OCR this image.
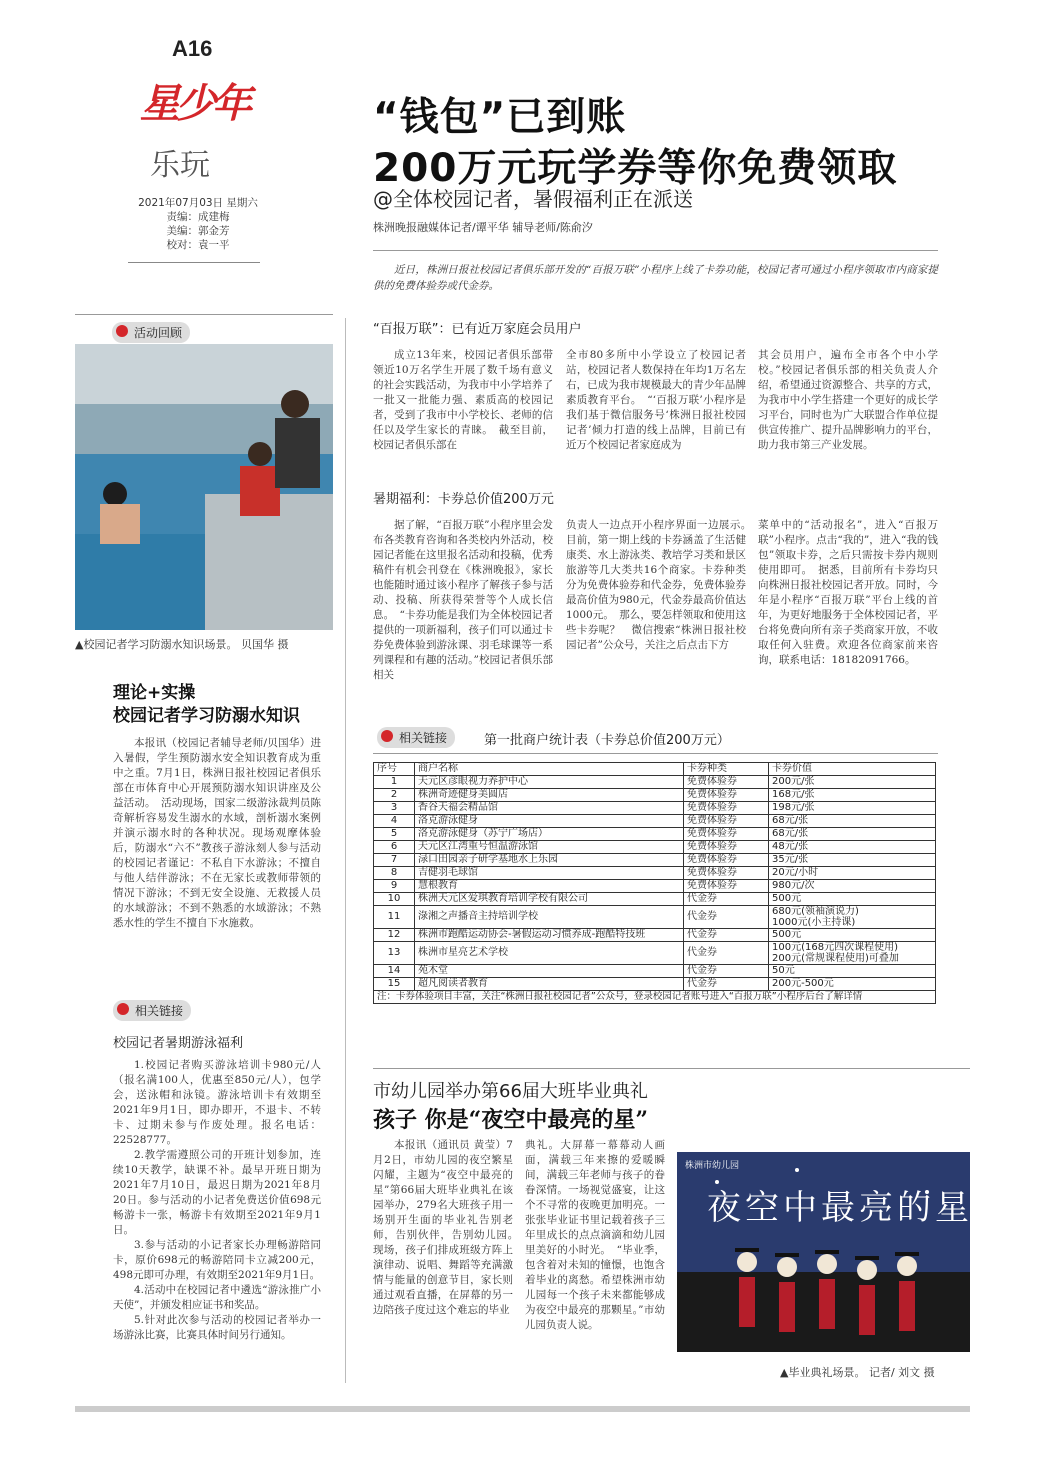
A16
星少年
乐玩
2021年07月03日 星期六
责编：成建梅
美编：郭金芳
校对：袁一平
“钱包”已到账
200万元玩学券等你免费领取
@全体校园记者，暑假福利正在派送
株洲晚报融媒体记者/谭平华 辅导老师/陈俞汐
近日，株洲日报社校园记者俱乐部开发的“百报万联”小程序上线了卡券功能，校园记者可通过小程序领取市内商家提供的免费体验券或代金券。
“百报万联”：已有近万家庭会员用户

成立13年来，校园记者俱乐部带领近10万名学生开展了数千场有意义的社会实践活动，为我市中小学培养了一批又一批能力强、素质高的校园记者，受到了我市中小学校长、老师的信任以及学生家长的青睐。　截至目前，校园记者俱乐部在

全市80多所中小学设立了校园记者站，校园记者人数保持在年均1万名左右，已成为我市规模最大的青少年品牌素质教育平台。　“‘百报万联’小程序是我们基于微信服务号‘株洲日报社校园记者’倾力打造的线上品牌，目前已有近万个校园记者家庭成为

其会员用户，遍布全市各个中小学校。”校园记者俱乐部的相关负责人介绍，希望通过资源整合、共享的方式，为我市中小学生搭建一个更好的成长学习平台，同时也为广大联盟合作单位提供宣传推广、提升品牌影响力的平台，助力我市第三产业发展。

暑期福利：卡券总价值200万元

据了解，“百报万联”小程序里会发布各类教育咨询和各类校内外活动，校园记者能在这里报名活动和投稿，优秀稿件有机会刊登在《株洲晚报》，家长也能随时通过该小程序了解孩子参与活动、投稿、所获得荣誉等个人成长信息。　“卡券功能是我们为全体校园记者提供的一项新福利，孩子们可以通过卡券免费体验到游泳课、羽毛球课等一系列课程和有趣的活动。”校园记者俱乐部相关

负责人一边点开小程序界面一边展示。　目前，第一期上线的卡券涵盖了生活健康类、水上游泳类、教培学习类和景区旅游等几大类共16个商家。卡券种类分为免费体验券和代金券，免费体验券最高价值为980元，代金券最高价值达1000元。　那么，要怎样领取和使用这些卡券呢？　微信搜索“株洲日报社校园记者”公众号，关注之后点击下方

菜单中的“活动报名”，进入“百报万联”小程序。点击“我的”，进入“我的钱包”领取卡券，之后只需按卡券内规则使用即可。　据悉，目前所有卡券均只向株洲日报社校园记者开放。同时，今年是小程序“百报万联”平台上线的首年，为更好地服务于全体校园记者，平台将免费向所有亲子类商家开放，不收取任何入驻费。欢迎各位商家前来咨询，联系电话：18182091766。

相关链接	第一批商户统计表（卡券总价值200万元）
序号	商户名称	卡券种类	卡券价值
1	天元区彦眼视力养护中心	免费体验券	200元/张
2	株洲奇迹健身美圆店	免费体验券	168元/张
3	香谷天福会精品馆	免费体验券	198元/张
4	洛克游泳健身	免费体验券	68元/张
5	洛克游泳健身（苏宁广场店）	免费体验券	68元/张
6	天元区江湾重号恒温游泳馆	免费体验券	48元/张
7	渌口田园亲子研学基地水上乐园	免费体验券	35元/张
8	吉健羽毛球馆	免费体验券	20元/小时
9	慧根教育	免费体验券	980元/次
10	株洲天元区爱琪教育培训学校有限公司	代金券	500元
11	淥湘之声播音主持培训学校	代金券	680元(领袖演说力)
1000元(小主持课)
12	株洲市跑酷运动协会-暑假运动习惯养成-跑酷特技班	代金券	500元
13	株洲市星亮艺术学校	代金券	100元(168元四次课程使用)
200元(常规课程使用)可叠加
14	苑木堂	代金券	50元
15	超凡阅读者教育	代金券	200元-500元
注：卡券体验项目丰富，关注“株洲日报社校园记者”公众号，登录校园记者账号进入“百报万联”小程序后台了解详情			
活动回顾
▲校园记者学习防溺水知识场景。 贝国华 摄
理论+实操
校园记者学习防溺水知识

本报讯（校园记者辅导老师/贝国华）进入暑假，学生预防溺水安全知识教育成为重中之重。7月1日，株洲日报社校园记者俱乐部在市体育中心开展预防溺水知识讲座及公益活动。　活动现场，国家二级游泳裁判员陈奇解析容易发生溺水的水域，剖析溺水案例并演示溺水时的各种状况。现场观摩体验后，防溺水“六不”教孩子游泳刻人参与活动的校园记者谨记：不私自下水游泳；不擅自与他人结伴游泳；不在无家长或教师带领的情况下游泳；不到无安全设施、无救援人员的水域游泳；不到不熟悉的水域游泳；不熟悉水性的学生不擅自下水施救。

相关链接
校园记者暑期游泳福利

1.校园记者购买游泳培训卡980元/人（报名满100人，优惠至850元/人），包学会，送泳帽和泳镜。游泳培训卡有效期至2021年9月1日，即办即开，不退卡、不转卡、过期未参与作废处理。报名电话：22528777。

2.教学需遵照公司的开班计划参加，连续10天教学，缺课不补。最早开班日期为2021年7月10日，最迟日期为2021年8月20日。参与活动的小记者免费送价值698元畅游卡一张，畅游卡有效期至2021年9月1日。

3.参与活动的小记者家长办理畅游陪同卡，原价698元的畅游陪同卡立减200元，498元即可办理，有效期至2021年9月1日。

4.活动中在校园记者中遴选“游泳推广小天使”，并颁发相应证书和奖品。

5.针对此次参与活动的校园记者举办一场游泳比赛，比赛具体时间另行通知。

市幼儿园举办第66届大班毕业典礼
孩子 你是“夜空中最亮的星”

本报讯（通讯员 黄莹）7月2日，市幼儿园的夜空繁星闪耀，主题为“夜空中最亮的星”第66届大班毕业典礼在该园举办，279名大班孩子用一场别开生面的毕业礼告别老师，告别伙伴，告别幼儿园。　现场，孩子们排成班级方阵上演律动、说唱、舞蹈等充满激情与能量的创意节目，家长则通过观看直播，在屏幕的另一边陪孩子度过这个难忘的毕业

典礼。大屏幕一幕幕动人画面，满载三年来擦的爱暖瞬间，满载三年老师与孩子的眷眷深情。一场视觉盛宴，让这个不寻常的夜晚更加明亮。一张张毕业证书里记载着孩子三年里成长的点点滴滴和幼儿园里美好的小时光。　“毕业季，包含着对未知的憧憬，也饱含着毕业的离愁。希望株洲市幼儿园每一个孩子未来都能够成为夜空中最亮的那颗星。”市幼儿园负责人说。

株洲市幼儿园
夜空中最亮的星
▲毕业典礼场景。 记者/ 刘文 摄
